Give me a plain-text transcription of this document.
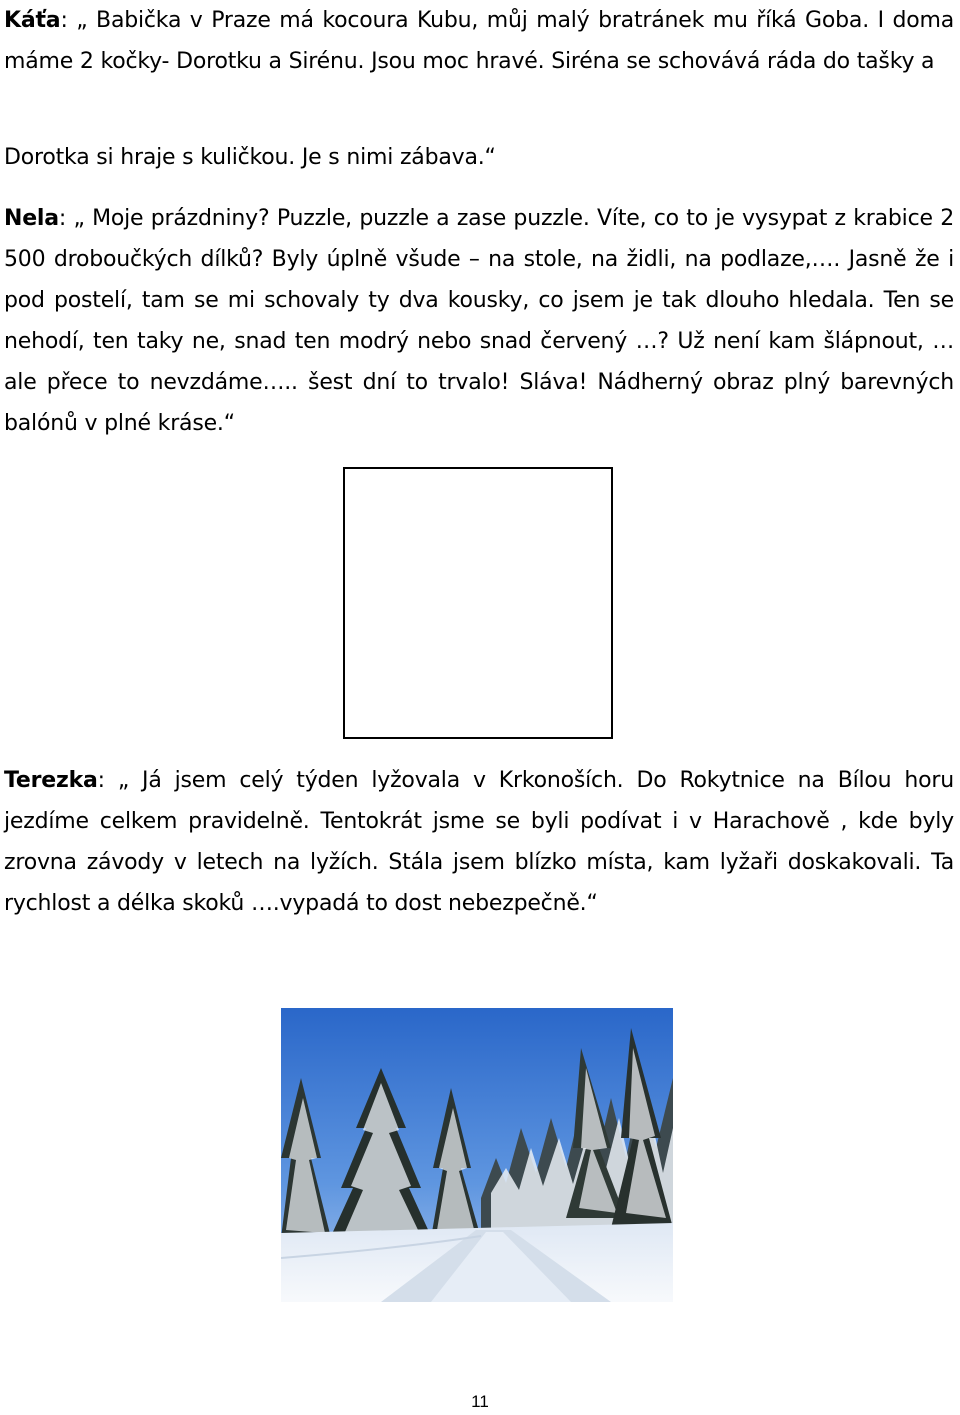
Káťa: „ Babička v Praze má kocoura Kubu, můj malý bratránek mu říká Goba. I doma máme 2 kočky- Dorotku a Sirénu. Jsou moc hravé. Siréna se schovává ráda do tašky a
Dorotka si hraje s kuličkou. Je s nimi zábava.“
Nela: „ Moje prázdniny? Puzzle, puzzle a zase puzzle. Víte, co to je vysypat z krabice 2 500 droboučkých dílků? Byly úplně všude – na stole, na židli, na podlaze,…. Jasně že i pod postelí, tam se mi schovaly ty dva kousky, co jsem je tak dlouho hledala. Ten se nehodí, ten taky ne, snad ten modrý nebo snad červený …? Už není kam šlápnout, … ale přece to nevzdáme….. šest dní to trvalo! Sláva! Nádherný obraz plný barevných balónů v plné kráse.“
Terezka: „ Já jsem celý týden lyžovala v Krkonoších. Do Rokytnice na Bílou horu jezdíme celkem pravidelně. Tentokrát jsme se byli podívat i v Harachově , kde byly zrovna závody v letech na lyžích. Stála jsem blízko místa, kam lyžaři doskakovali. Ta rychlost a délka skoků ….vypadá to dost nebezpečně.“
11
